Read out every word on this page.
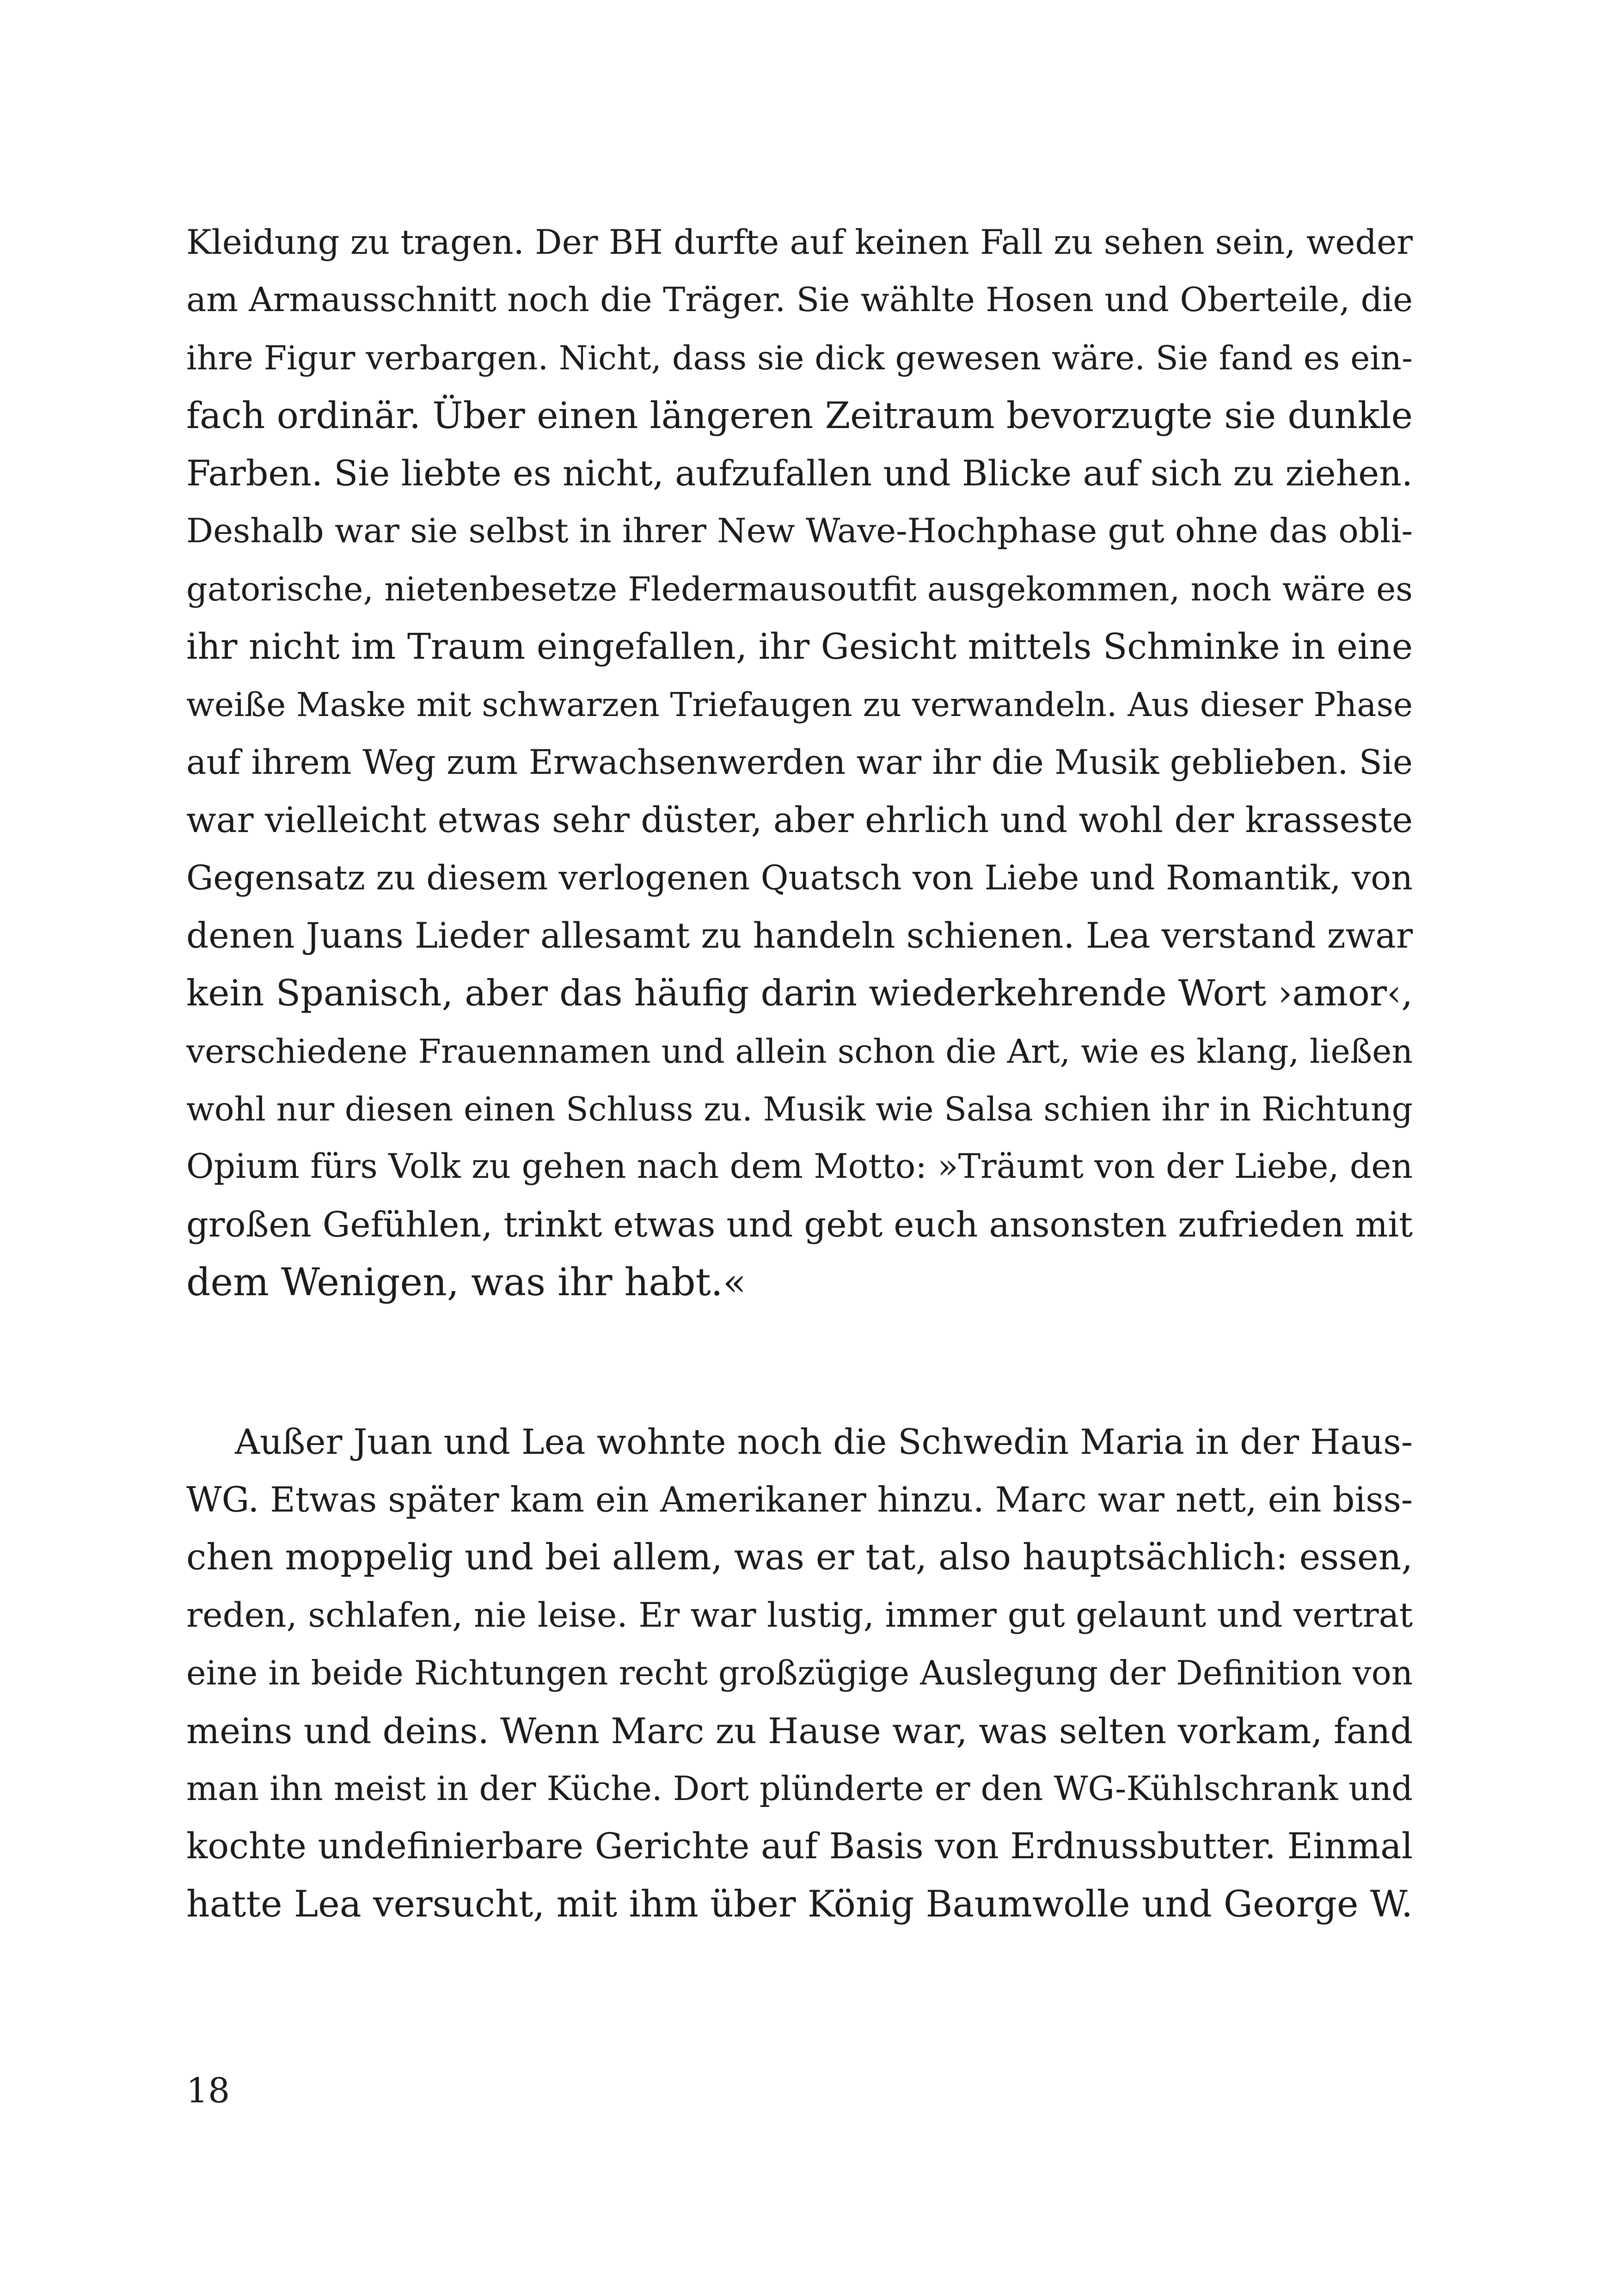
Kleidung zu tragen. Der BH durfte auf keinen Fall zu sehen sein, weder
am Armausschnitt noch die Träger. Sie wählte Hosen und Oberteile, die
ihre Figur verbargen. Nicht, dass sie dick gewesen wäre. Sie fand es ein-
fach ordinär. Über einen längeren Zeitraum bevorzugte sie dunkle
Farben. Sie liebte es nicht, aufzufallen und Blicke auf sich zu ziehen.
Deshalb war sie selbst in ihrer New Wave-Hochphase gut ohne das obli-
gatorische, nietenbesetze Fledermausoutfit ausgekommen, noch wäre es
ihr nicht im Traum eingefallen, ihr Gesicht mittels Schminke in eine
weiße Maske mit schwarzen Triefaugen zu verwandeln. Aus dieser Phase
auf ihrem Weg zum Erwachsenwerden war ihr die Musik geblieben. Sie
war vielleicht etwas sehr düster, aber ehrlich und wohl der krasseste
Gegensatz zu diesem verlogenen Quatsch von Liebe und Romantik, von
denen Juans Lieder allesamt zu handeln schienen. Lea verstand zwar
kein Spanisch, aber das häufig darin wiederkehrende Wort ›amor‹,
verschiedene Frauennamen und allein schon die Art, wie es klang, ließen
wohl nur diesen einen Schluss zu. Musik wie Salsa schien ihr in Richtung
Opium fürs Volk zu gehen nach dem Motto: »Träumt von der Liebe, den
großen Gefühlen, trinkt etwas und gebt euch ansonsten zufrieden mit
dem Wenigen, was ihr habt.«
Außer Juan und Lea wohnte noch die Schwedin Maria in der Haus-
WG. Etwas später kam ein Amerikaner hinzu. Marc war nett, ein biss-
chen moppelig und bei allem, was er tat, also hauptsächlich: essen,
reden, schlafen, nie leise. Er war lustig, immer gut gelaunt und vertrat
eine in beide Richtungen recht großzügige Auslegung der Definition von
meins und deins. Wenn Marc zu Hause war, was selten vorkam, fand
man ihn meist in der Küche. Dort plünderte er den WG-Kühlschrank und
kochte undefinierbare Gerichte auf Basis von Erdnussbutter. Einmal
hatte Lea versucht, mit ihm über König Baumwolle und George W.
18
